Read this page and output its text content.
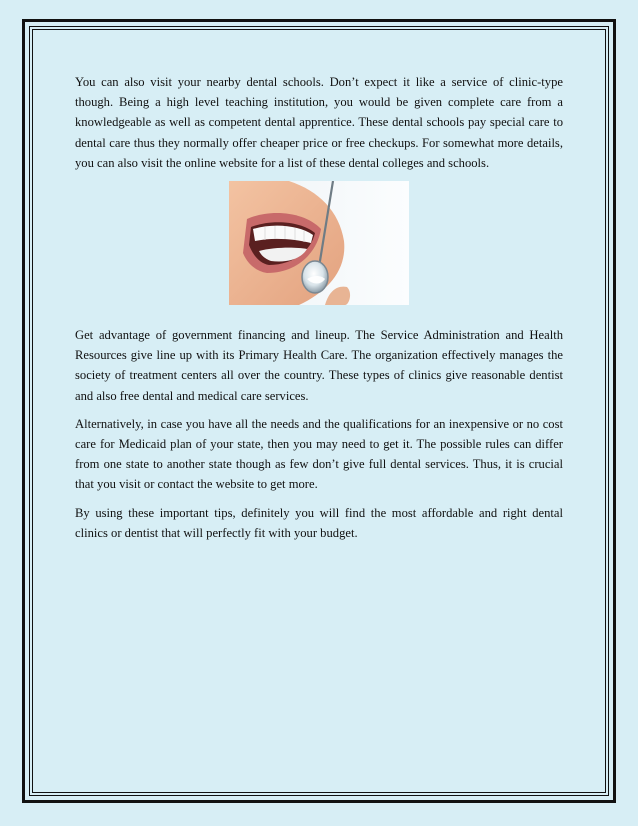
You can also visit your nearby dental schools. Don’t expect it like a service of clinic-type though. Being a high level teaching institution, you would be given complete care from a knowledgeable as well as competent dental apprentice. These dental schools pay special care to dental care thus they normally offer cheaper price or free checkups. For somewhat more details, you can also visit the online website for a list of these dental colleges and schools.

Get advantage of government financing and lineup. The Service Administration and Health Resources give line up with its Primary Health Care. The organization effectively manages the society of treatment centers all over the country. These types of clinics give reasonable dentist and also free dental and medical care services.

Alternatively, in case you have all the needs and the qualifications for an inexpensive or no cost care for Medicaid plan of your state, then you may need to get it. The possible rules can differ from one state to another state though as few don’t give full dental services. Thus, it is crucial that you visit or contact the website to get more.

By using these important tips, definitely you will find the most affordable and right dental clinics or dentist that will perfectly fit with your budget.
